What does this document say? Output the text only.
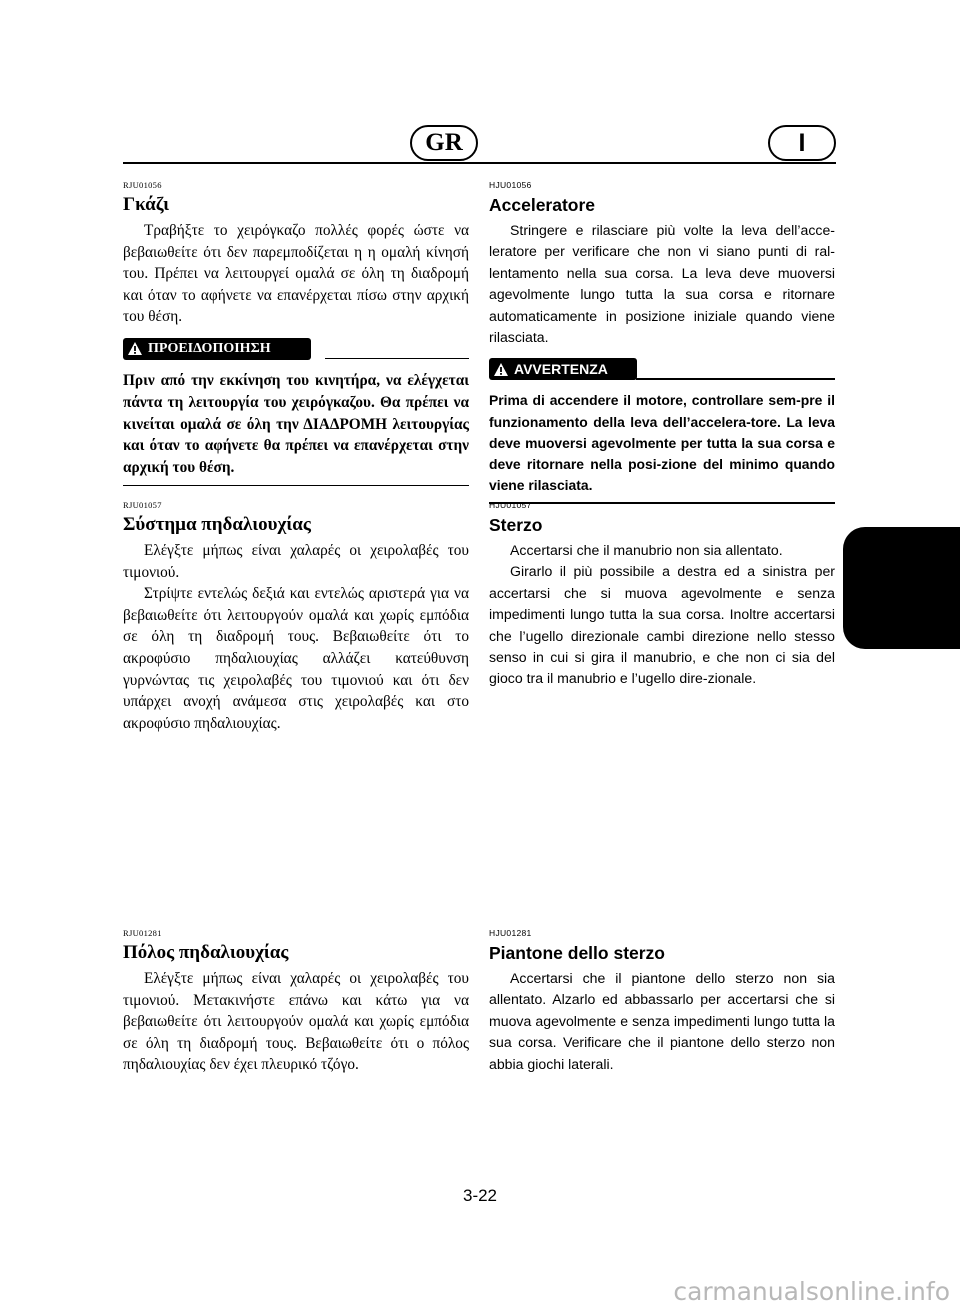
GR	I

RJU01056

Γκάζι

Τραβήξτε το χειρόγκαζο πολλές φορές ώστε να βεβαιωθείτε ότι δεν παρεμποδίζεται η η ομαλή κίνησή του. Πρέπει να λειτουργεί ομαλά σε όλη τη διαδρομή και όταν το αφήνετε να επανέρχεται πίσω στην αρχική του θέση.

ΠΡΟΕΙΔΟΠΟΙΗΣΗ

Πριν από την εκκίνηση του κινητήρα, να ελέγχεται πάντα τη λειτουργία του χειρόγκαζου. Θα πρέπει να κινείται ομαλά σε όλη την ΔΙΑΔΡΟΜΗ λειτουργίας και όταν το αφήνετε θα πρέπει να επανέρχεται στην αρχική του θέση.

HJU01056

Acceleratore

Stringere e rilasciare più volte la leva dell’acce-leratore per verificare che non vi siano punti di ral-lentamento nella sua corsa. La leva deve muoversi agevolmente lungo tutta la sua corsa e ritornare automaticamente in posizione iniziale quando viene rilasciata.

AVVERTENZA

Prima di accendere il motore, controllare sem-pre il funzionamento della leva dell’accelera-tore. La leva deve muoversi agevolmente per tutta la sua corsa e deve ritornare nella posi-zione del minimo quando viene rilasciata.

RJU01057

Σύστημα πηδαλιουχίας

Ελέγξτε μήπως είναι χαλαρές οι χειρολαβές του τιμονιού.

Στρίψτε εντελώς δεξιά και εντελώς αριστερά για να βεβαιωθείτε ότι λειτουργούν ομαλά και χωρίς εμπόδια σε όλη τη διαδρομή τους. Βεβαιωθείτε ότι το ακροφύσιο πηδαλιουχίας αλλάζει κατεύθυνση γυρνώντας τις χειρολαβές του τιμονιού και ότι δεν υπάρχει ανοχή ανάμεσα στις χειρολαβές και στο ακροφύσιο πηδαλιουχίας.

HJU01057

Sterzo

Accertarsi che il manubrio non sia allentato.

Girarlo il più possibile a destra ed a sinistra per accertarsi che si muova agevolmente e senza impedimenti lungo tutta la sua corsa. Inoltre accertarsi che l’ugello direzionale cambi direzione nello stesso senso in cui si gira il manubrio, e che non ci sia del gioco tra il manubrio e l’ugello dire-zionale.

RJU01281

Πόλος πηδαλιουχίας

Ελέγξτε μήπως είναι χαλαρές οι χειρολαβές του τιμονιού. Μετακινήστε επάνω και κάτω για να βεβαιωθείτε ότι λειτουργούν ομαλά και χωρίς εμπόδια σε όλη τη διαδρομή τους. Βεβαιωθείτε ότι ο πόλος πηδαλιουχίας δεν έχει πλευρικό τζόγο.

HJU01281

Piantone dello sterzo

Accertarsi che il piantone dello sterzo non sia allentato. Alzarlo ed abbassarlo per accertarsi che si muova agevolmente e senza impedimenti lungo tutta la sua corsa. Verificare che il piantone dello sterzo non abbia giochi laterali.

3-22
carmanualsonline.info
